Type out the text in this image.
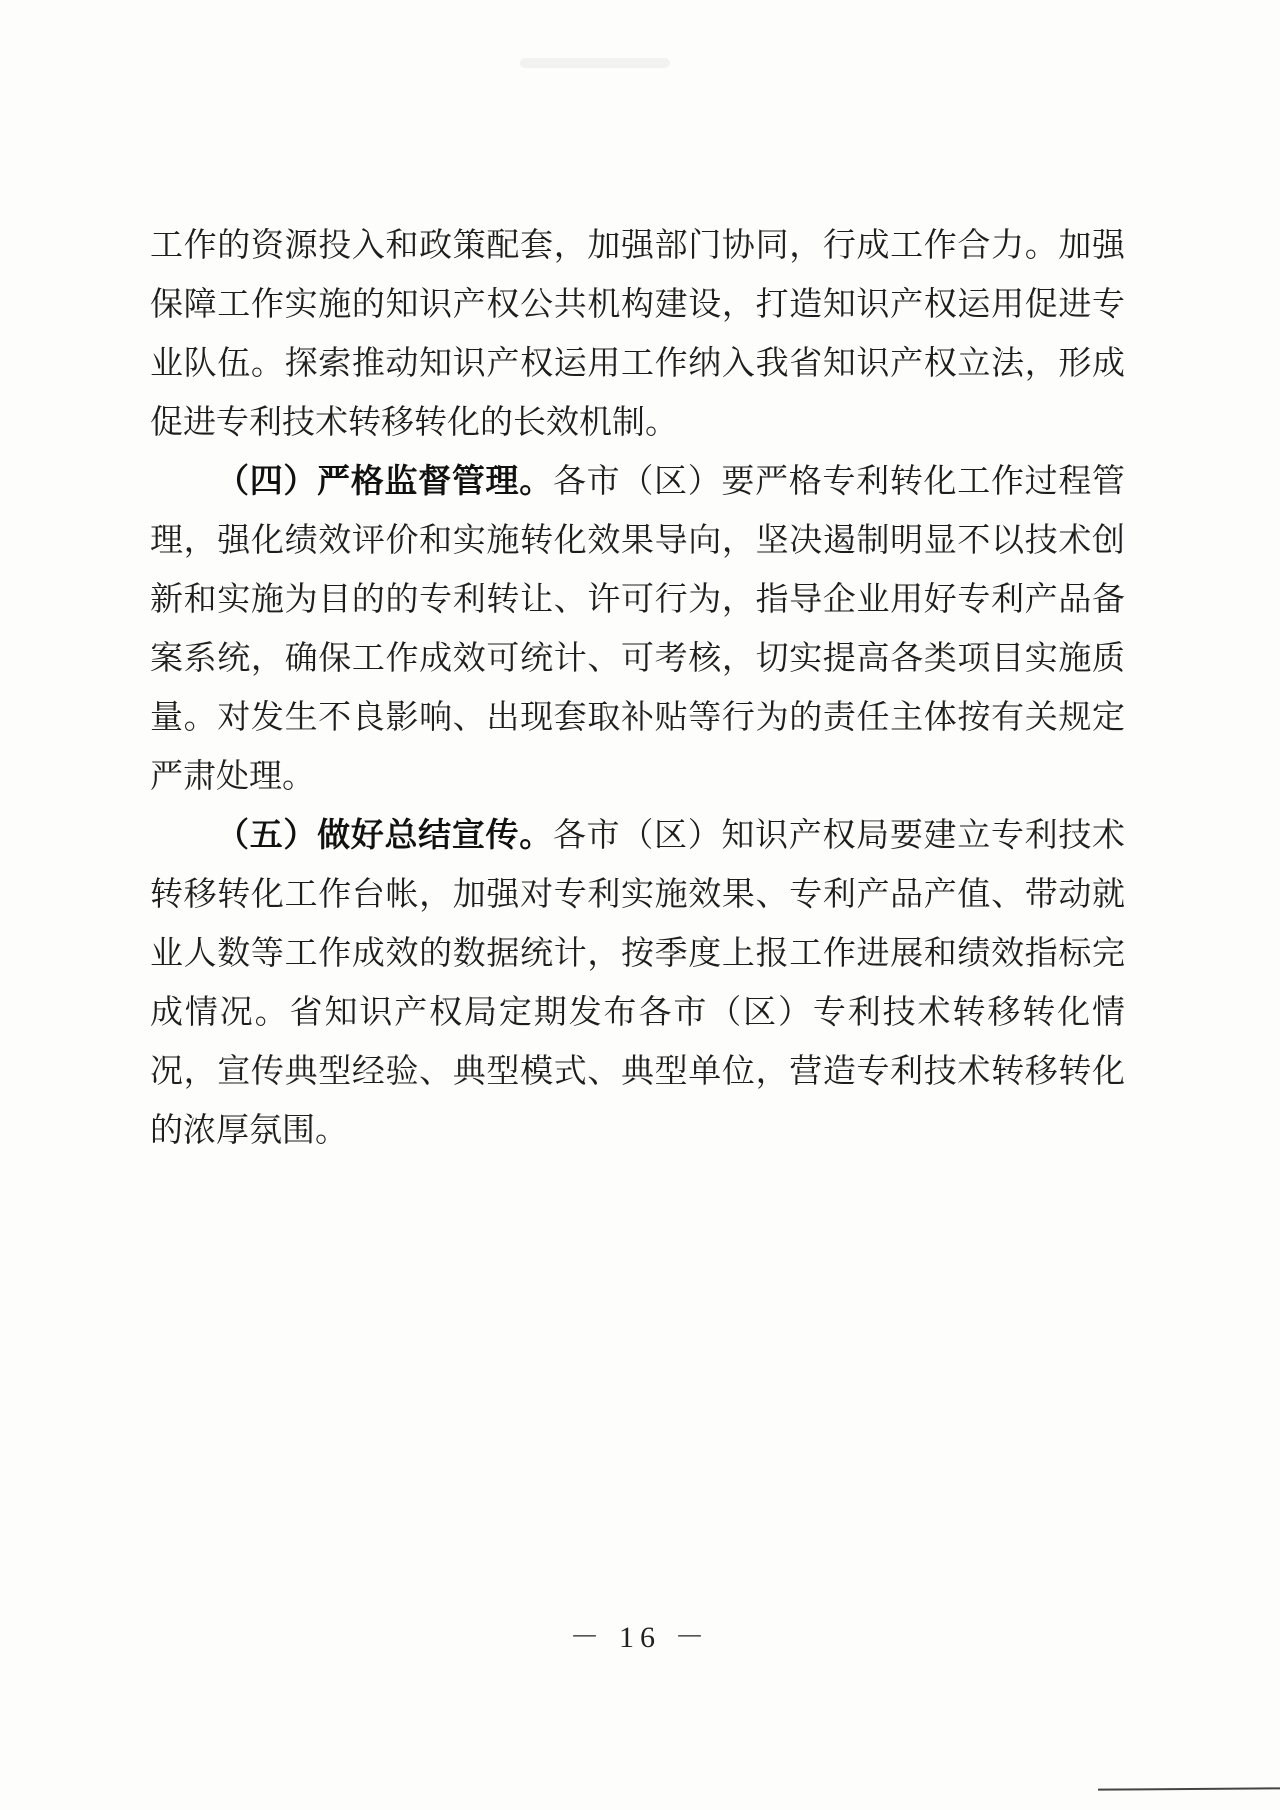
工作的资源投入和政策配套，加强部门协同，行成工作合力。加强保障工作实施的知识产权公共机构建设，打造知识产权运用促进专业队伍。探索推动知识产权运用工作纳入我省知识产权立法，形成促进专利技术转移转化的长效机制。

（四）严格监督管理。各市（区）要严格专利转化工作过程管理，强化绩效评价和实施转化效果导向，坚决遏制明显不以技术创新和实施为目的的专利转让、许可行为，指导企业用好专利产品备案系统，确保工作成效可统计、可考核，切实提高各类项目实施质量。对发生不良影响、出现套取补贴等行为的责任主体按有关规定严肃处理。

（五）做好总结宣传。各市（区）知识产权局要建立专利技术转移转化工作台帐，加强对专利实施效果、专利产品产值、带动就业人数等工作成效的数据统计，按季度上报工作进展和绩效指标完成情况。省知识产权局定期发布各市（区）专利技术转移转化情况，宣传典型经验、典型模式、典型单位，营造专利技术转移转化的浓厚氛围。

－ 16 －
